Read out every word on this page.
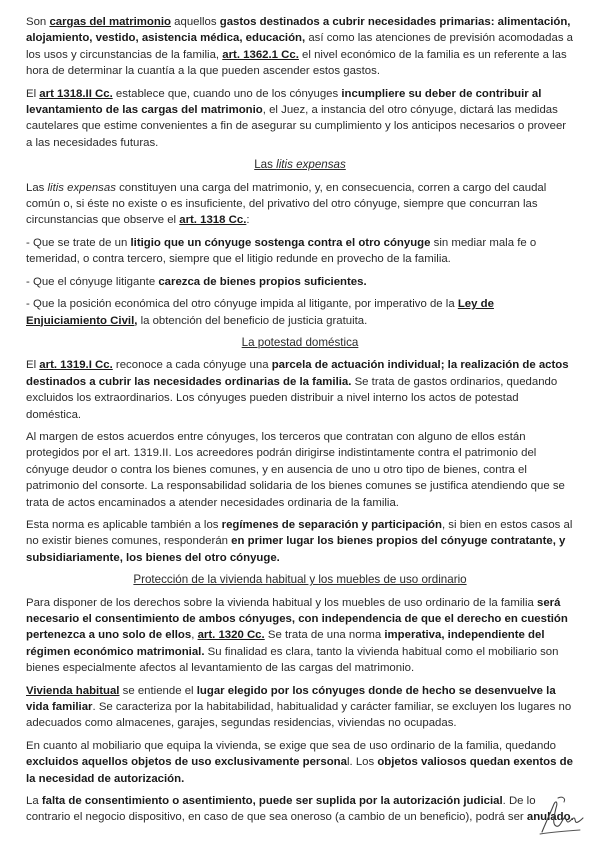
Son cargas del matrimonio aquellos gastos destinados a cubrir necesidades primarias: alimentación, alojamiento, vestido, asistencia médica, educación, así como las atenciones de previsión acomodadas a los usos y circunstancias de la familia, art. 1362.1 Cc. el nivel económico de la familia es un referente a las hora de determinar la cuantía a la que pueden ascender estos gastos.

El art 1318.II Cc. establece que, cuando uno de los cónyuges incumpliere su deber de contribuir al levantamiento de las cargas del matrimonio, el Juez, a instancia del otro cónyuge, dictará las medidas cautelares que estime convenientes a fin de asegurar su cumplimiento y los anticipos necesarios o proveer a las necesidades futuras.

Las litis expensas

Las litis expensas constituyen una carga del matrimonio, y, en consecuencia, corren a cargo del caudal común o, si éste no existe o es insuficiente, del privativo del otro cónyuge, siempre que concurran las circunstancias que observe el art. 1318 Cc.:

- Que se trate de un litigio que un cónyuge sostenga contra el otro cónyuge sin mediar mala fe o temeridad, o contra tercero, siempre que el litigio redunde en provecho de la familia.

- Que el cónyuge litigante carezca de bienes propios suficientes.

- Que la posición económica del otro cónyuge impida al litigante, por imperativo de la Ley de Enjuiciamiento Civil, la obtención del beneficio de justicia gratuita.

La potestad doméstica

El art. 1319.I Cc. reconoce a cada cónyuge una parcela de actuación individual; la realización de actos destinados a cubrir las necesidades ordinarias de la familia. Se trata de gastos ordinarios, quedando excluidos los extraordinarios. Los cónyuges pueden distribuir a nivel interno los actos de potestad doméstica.

Al margen de estos acuerdos entre cónyuges, los terceros que contratan con alguno de ellos están protegidos por el art. 1319.II. Los acreedores podrán dirigirse indistintamente contra el patrimonio del cónyuge deudor o contra los bienes comunes, y en ausencia de uno u otro tipo de bienes, contra el patrimonio del consorte. La responsabilidad solidaria de los bienes comunes se justifica atendiendo que se trata de actos encaminados a atender necesidades ordinaria de la familia.

Esta norma es aplicable también a los regímenes de separación y participación, si bien en estos casos al no existir bienes comunes, responderán en primer lugar los bienes propios del cónyuge contratante, y subsidiariamente, los bienes del otro cónyuge.

Protección de la vivienda habitual y los muebles de uso ordinario

Para disponer de los derechos sobre la vivienda habitual y los muebles de uso ordinario de la familia será necesario el consentimiento de ambos cónyuges, con independencia de que el derecho en cuestión pertenezca a uno solo de ellos, art. 1320 Cc. Se trata de una norma imperativa, independiente del régimen económico matrimonial. Su finalidad es clara, tanto la vivienda habitual como el mobiliario son bienes especialmente afectos al levantamiento de las cargas del matrimonio.

Vivienda habitual se entiende el lugar elegido por los cónyuges donde de hecho se desenvuelve la vida familiar. Se caracteriza por la habitabilidad, habitualidad y carácter familiar, se excluyen los lugares no adecuados como almacenes, garajes, segundas residencias, viviendas no ocupadas.

En cuanto al mobiliario que equipa la vivienda, se exige que sea de uso ordinario de la familia, quedando excluidos aquellos objetos de uso exclusivamente personal. Los objetos valiosos quedan exentos de la necesidad de autorización.

La falta de consentimiento o asentimiento, puede ser suplida por la autorización judicial. De lo contrario el negocio dispositivo, en caso de que sea oneroso (a cambio de un beneficio), podrá ser anulado.
